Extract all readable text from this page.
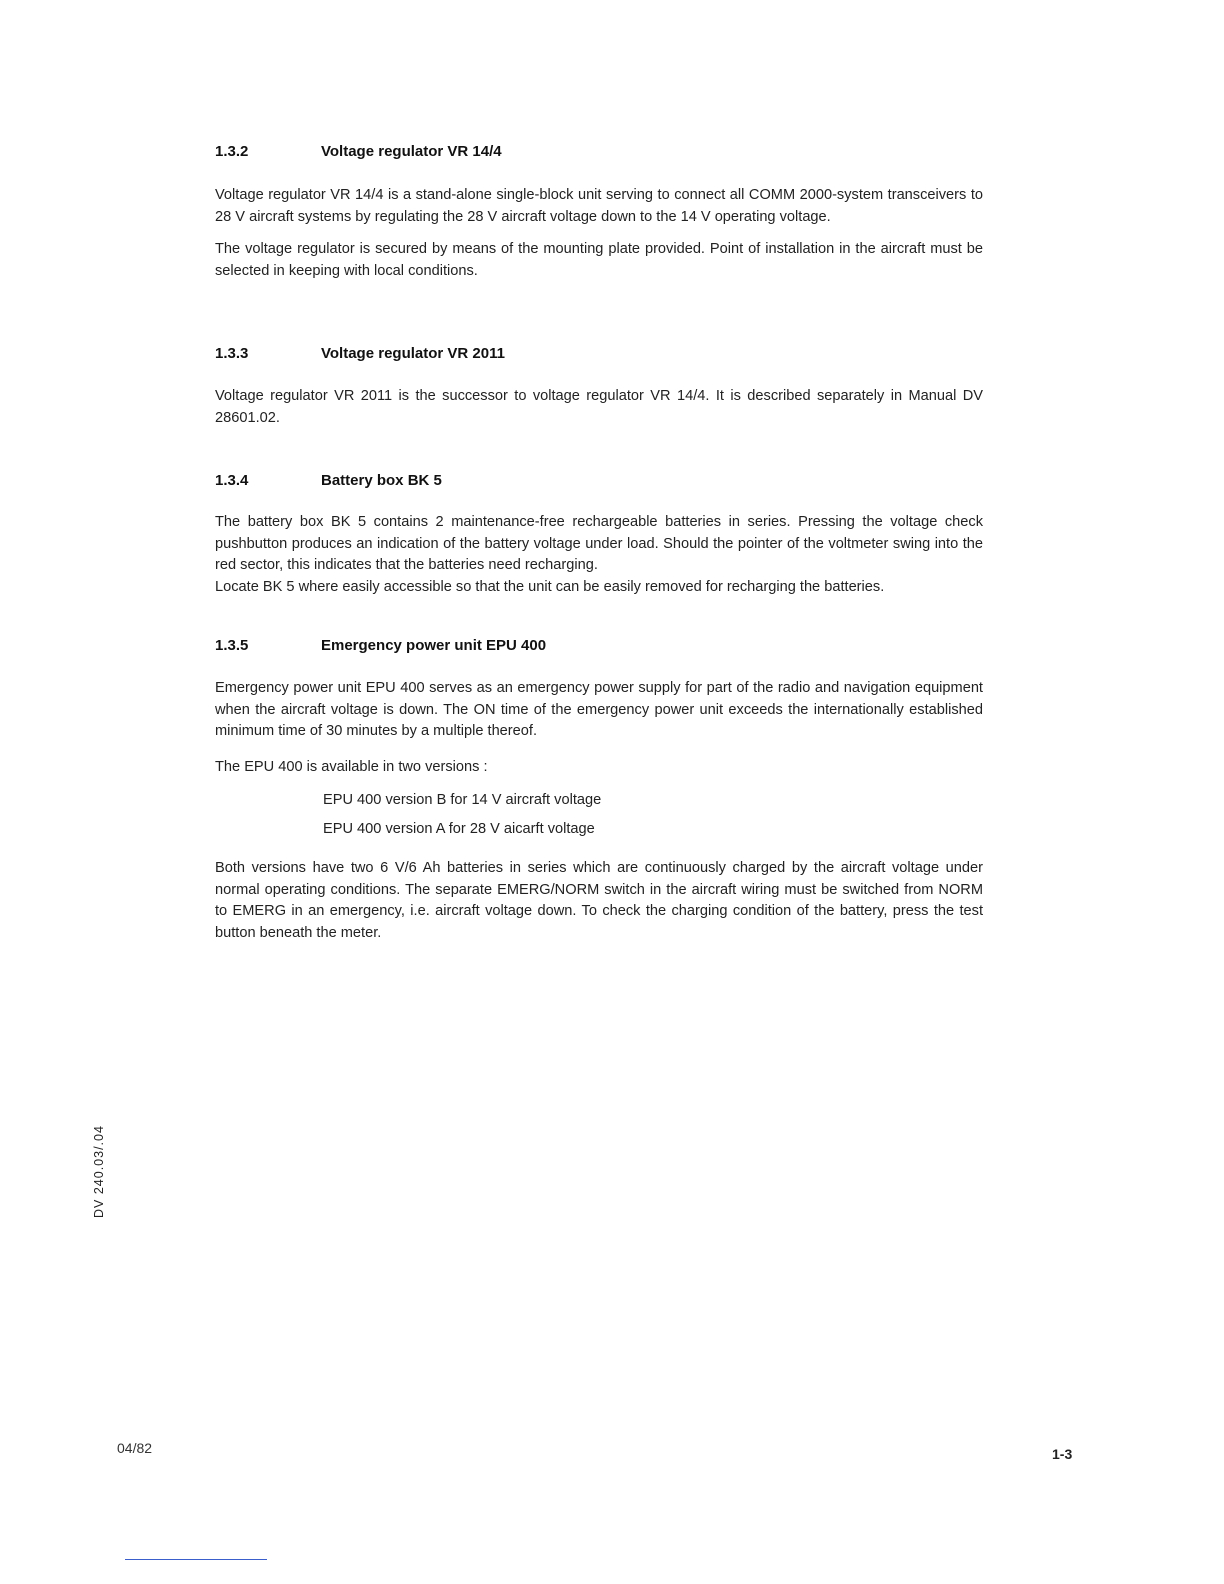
1.3.2	Voltage regulator VR 14/4

Voltage regulator VR 14/4 is a stand-alone single-block unit serving to connect all COMM 2000-system transceivers to 28 V aircraft systems by regulating the 28 V aircraft voltage down to the 14 V operating voltage.

The voltage regulator is secured by means of the mounting plate provided. Point of installation in the aircraft must be selected in keeping with local conditions.

1.3.3	Voltage regulator VR 2011

Voltage regulator VR 2011 is the successor to voltage regulator VR 14/4. It is described separately in Manual DV 28601.02.

1.3.4	Battery box BK 5

The battery box BK 5 contains 2 maintenance-free rechargeable batteries in series. Pressing the voltage check pushbutton produces an indication of the battery voltage under load. Should the pointer of the voltmeter swing into the red sector, this indicates that the batteries need recharging.

Locate BK 5 where easily accessible so that the unit can be easily removed for recharging the batteries.

1.3.5	Emergency power unit EPU 400

Emergency power unit EPU 400 serves as an emergency power supply for part of the radio and navigation equipment when the aircraft voltage is down. The ON time of the emergency power unit exceeds the internationally established minimum time of 30 minutes by a multiple thereof.

The EPU 400 is available in two versions :

EPU 400 version B for 14 V aircraft voltage
EPU 400 version A for 28 V aicarft voltage

Both versions have two 6 V/6 Ah batteries in series which are continuously charged by the aircraft voltage under normal operating conditions. The separate EMERG/NORM switch in the aircraft wiring must be switched from NORM to EMERG in an emergency, i.e. aircraft voltage down. To check the charging condition of the battery, press the test button beneath the meter.

DV 240.03/.04
04/82	1-3
